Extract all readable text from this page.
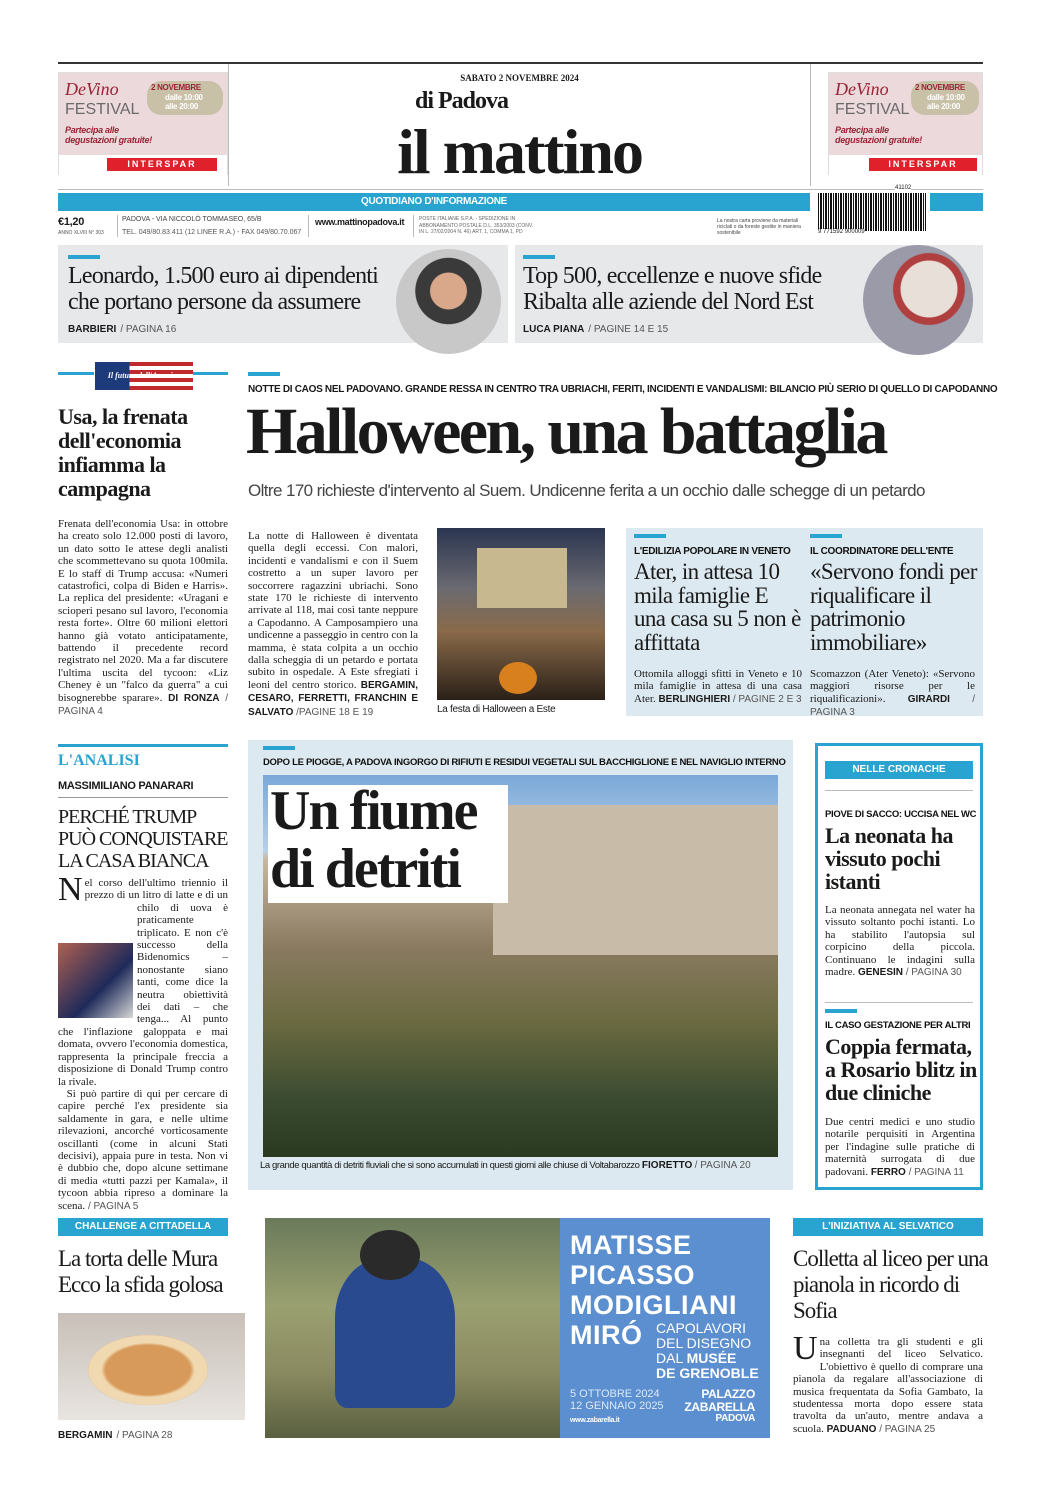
DeVino
FESTIVAL
2 NOVEMBRE
dalle 10:00
alle 20:00
Partecipa alle
degustazioni gratuite!
INTERSPAR
DeVino
FESTIVAL
2 NOVEMBRE
dalle 10:00
alle 20:00
Partecipa alle
degustazioni gratuite!
INTERSPAR
SABATO 2 NOVEMBRE 2024
di Padova
il mattino
QUOTIDIANO D'INFORMAZIONE
9 771592 900009
41102
€1,20
ANNO XLVIII N° 303
PADOVA - VIA NICCOLÒ TOMMASEO, 65/B
TEL. 049/80.83.411 (12 LINEE R.A.) - FAX 049/80.70.067
www.mattinopadova.it	POSTE ITALIANE S.P.A. - SPEDIZIONE IN ABBONAMENTO POSTALE D.L. 353/2003 (CONV. IN L. 27/02/2004 N. 46) ART. 1, COMMA 1, PD
La nostra carta proviene da materiali riciclati o da foreste gestite in maniera sostenibile
Leonardo, 1.500 euro ai dipendenti
che portano persone da assumere
BARBIERI / PAGINA 16
Top 500, eccellenze e nuove sfide
Ribalta alle aziende del Nord Est
LUCA PIANA / PAGINE 14 E 15
Il futuro dell'America
Usa, la frenata dell'economia infiamma la campagna
Frenata dell'economia Usa: in ottobre ha creato solo 12.000 posti di lavoro, un dato sotto le attese degli analisti che scommettevano su quota 100mila. E lo staff di Trump accusa: «Numeri catastrofici, colpa di Biden e Harris». La replica del presidente: «Uragani e scioperi pesano sul lavoro, l'economia resta forte». Oltre 60 milioni elettori hanno già votato anticipatamente, battendo il precedente record registrato nel 2020. Ma a far discutere l'ultima uscita del tycoon: «Liz Cheney è un "falco da guerra" a cui bisognerebbe sparare». DI RONZA / PAGINA 4
NOTTE DI CAOS NEL PADOVANO. GRANDE RESSA IN CENTRO TRA UBRIACHI, FERITI, INCIDENTI E VANDALISMI: BILANCIO PIÙ SERIO DI QUELLO DI CAPODANNO
Halloween, una battaglia
Oltre 170 richieste d'intervento al Suem. Undicenne ferita a un occhio dalle schegge di un petardo
La notte di Halloween è diventata quella degli eccessi. Con malori, incidenti e vandalismi e con il Suem costretto a un super lavoro per soccorrere ragazzini ubriachi. Sono state 170 le richieste di intervento arrivate al 118, mai così tante neppure a Capodanno. A Camposampiero una undicenne a passeggio in centro con la mamma, è stata colpita a un occhio dalla scheggia di un petardo e portata subito in ospedale. A Este sfregiati i leoni del centro storico. BERGAMIN, CESARO, FERRETTI, FRANCHIN E SALVATO /PAGINE 18 E 19	La festa di Halloween a Este
L'EDILIZIA POPOLARE IN VENETO
Ater, in attesa 10 mila famiglie E una casa su 5 non è affittata
Ottomila alloggi sfitti in Veneto e 10 mila famiglie in attesa di una casa Ater. BERLINGHIERI / PAGINE 2 E 3
IL COORDINATORE DELL'ENTE
«Servono fondi per riqualificare il patrimonio immobiliare»
Scomazzon (Ater Veneto): «Servono maggiori risorse per le riqualificazioni». GIRARDI / PAGINA 3
L'ANALISI
MASSIMILIANO PANARARI
PERCHÉ TRUMP PUÒ CONQUISTARE LA CASA BIANCA
N el corso dell'ultimo triennio il prezzo di un litro di latte e di un chilo di uova è praticamente triplicato. E non c'è successo della Bidenomics – nonostante siano tanti, come dice la neutra obiettività dei dati – che tenga... Al punto che l'inflazione galoppata e mai domata, ovvero l'economia domestica, rappresenta la principale freccia a disposizione di Donald Trump contro la rivale.
Si può partire di qui per cercare di capire perché l'ex presidente sia saldamente in gara, e nelle ultime rilevazioni, ancorché vorticosamente oscillanti (come in alcuni Stati decisivi), appaia pure in testa. Non vi è dubbio che, dopo alcune settimane di media «tutti pazzi per Kamala», il tycoon abbia ripreso a dominare la scena. / PAGINA 5
DOPO LE PIOGGE, A PADOVA INGORGO DI RIFIUTI E RESIDUI VEGETALI SUL BACCHIGLIONE E NEL NAVIGLIO INTERNO
Un fiume
di detriti
La grande quantità di detriti fluviali che si sono accumulati in questi giorni alle chiuse di Voltabarozzo FIORETTO / PAGINA 20
NELLE CRONACHE
PIOVE DI SACCO: UCCISA NEL WC
La neonata ha vissuto pochi istanti
La neonata annegata nel water ha vissuto soltanto pochi istanti. Lo ha stabilito l'autopsia sul corpicino della piccola. Continuano le indagini sulla madre. GENESIN / PAGINA 30
IL CASO GESTAZIONE PER ALTRI
Coppia fermata, a Rosario blitz in due cliniche
Due centri medici e uno studio notarile perquisiti in Argentina per l'indagine sulle pratiche di maternità surrogata di due padovani. FERRO / PAGINA 11
CHALLENGE A CITTADELLA
La torta delle Mura
Ecco la sfida golosa
BERGAMIN / PAGINA 28
MATISSE
PICASSO
MODIGLIANI
MIRÓ CAPOLAVORI
DEL DISEGNO
DAL MUSÉE
DE GRENOBLE
5 OTTOBRE 2024
12 GENNAIO 2025
www.zabarella.it
PALAZZO
ZABARELLA
PADOVA
L'INIZIATIVA AL SELVATICO
Colletta al liceo per una pianola in ricordo di Sofia
U na colletta tra gli studenti e gli insegnanti del liceo Selvatico. L'obiettivo è quello di comprare una pianola da regalare all'associazione di musica frequentata da Sofia Gambato, la studentessa morta dopo essere stata travolta da un'auto, mentre andava a scuola. PADUANO / PAGINA 25
